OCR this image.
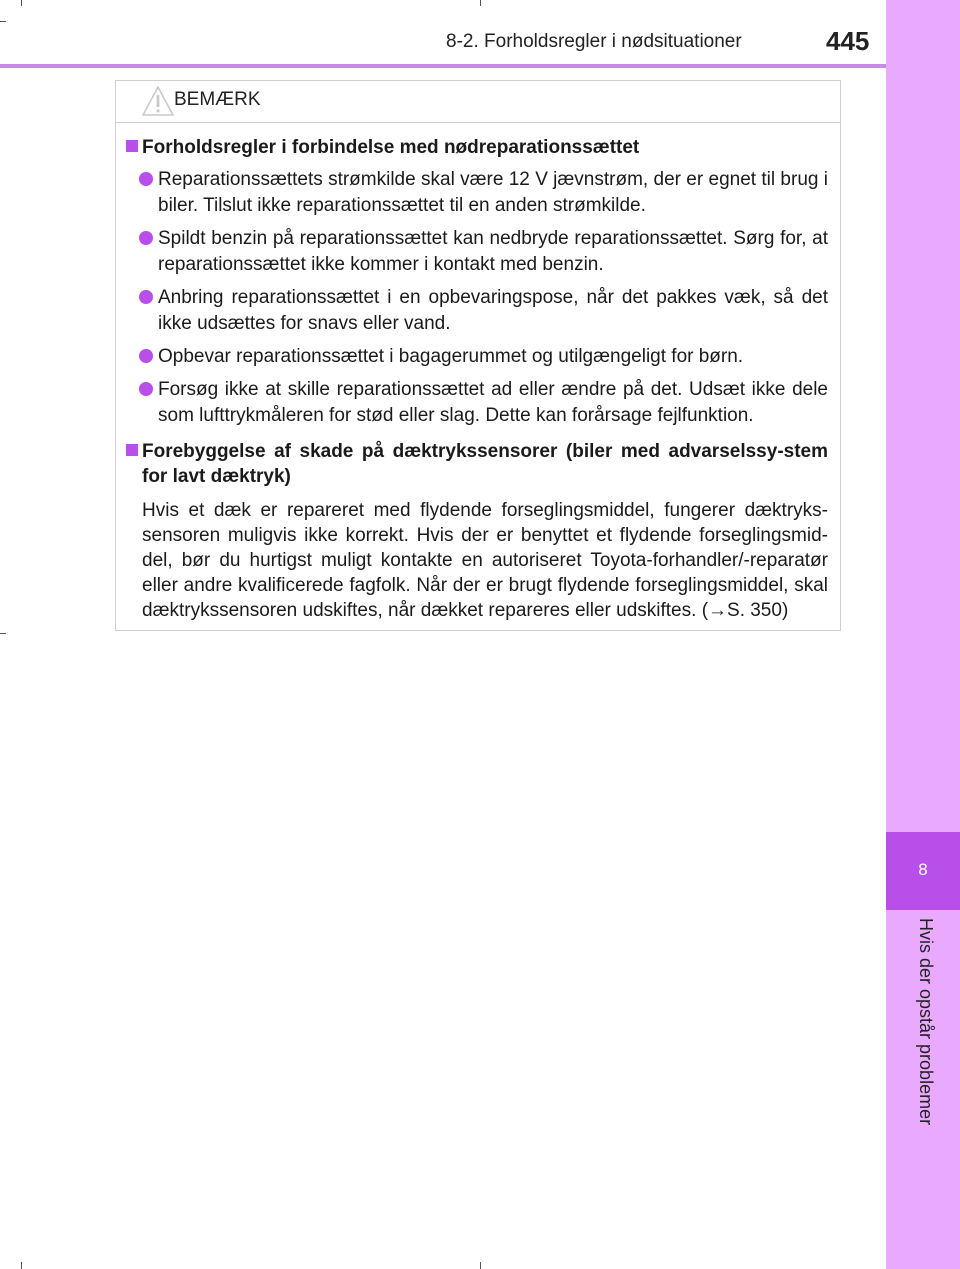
8-2. Forholdsregler i nødsituationer	445
8
Hvis der opstår problemer
BEMÆRK
Forholdsregler i forbindelse med nødreparationssættet
Reparationssættets strømkilde skal være 12 V jævnstrøm, der er egnet til brug i biler. Tilslut ikke reparationssættet til en anden strømkilde.
Spildt benzin på reparationssættet kan nedbryde reparationssættet. Sørg for, at reparationssættet ikke kommer i kontakt med benzin.
Anbring reparationssættet i en opbevaringspose, når det pakkes væk, så det ikke udsættes for snavs eller vand.
Opbevar reparationssættet i bagagerummet og utilgængeligt for børn.
Forsøg ikke at skille reparationssættet ad eller ændre på det. Udsæt ikke dele som lufttrykmåleren for stød eller slag. Dette kan forårsage fejlfunktion.
Forebyggelse af skade på dæktrykssensorer (biler med advarselssy-stem for lavt dæktryk)
Hvis et dæk er repareret med flydende forseglingsmiddel, fungerer dæktryks-sensoren muligvis ikke korrekt. Hvis der er benyttet et flydende forseglingsmid-del, bør du hurtigst muligt kontakte en autoriseret Toyota-forhandler/-reparatør eller andre kvalificerede fagfolk. Når der er brugt flydende forseglingsmiddel, skal dæktrykssensoren udskiftes, når dækket repareres eller udskiftes. (→S. 350)
